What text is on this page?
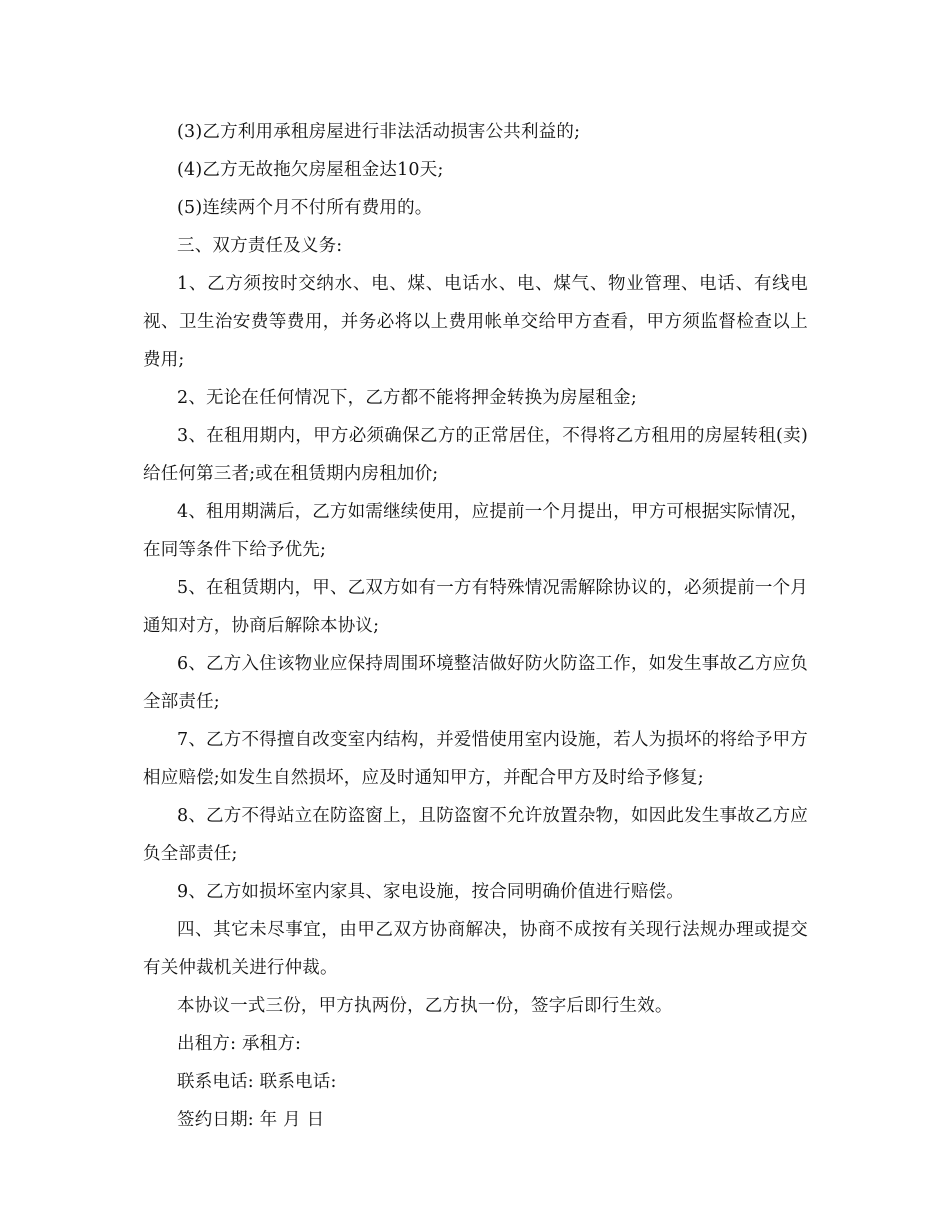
(3)乙方利用承租房屋进行非法活动损害公共利益的;

(4)乙方无故拖欠房屋租金达10天;

(5)连续两个月不付所有费用的。

三、双方责任及义务:

1、乙方须按时交纳水、电、煤、电话水、电、煤气、物业管理、电话、有线电视、卫生治安费等费用，并务必将以上费用帐单交给甲方查看，甲方须监督检查以上费用;

2、无论在任何情况下，乙方都不能将押金转换为房屋租金;

3、在租用期内，甲方必须确保乙方的正常居住，不得将乙方租用的房屋转租(卖)给任何第三者;或在租赁期内房租加价;

4、租用期满后，乙方如需继续使用，应提前一个月提出，甲方可根据实际情况，在同等条件下给予优先;

5、在租赁期内，甲、乙双方如有一方有特殊情况需解除协议的，必须提前一个月通知对方，协商后解除本协议;

6、乙方入住该物业应保持周围环境整洁做好防火防盗工作，如发生事故乙方应负全部责任;

7、乙方不得擅自改变室内结构，并爱惜使用室内设施，若人为损坏的将给予甲方相应赔偿;如发生自然损坏，应及时通知甲方，并配合甲方及时给予修复;

8、乙方不得站立在防盗窗上，且防盗窗不允许放置杂物，如因此发生事故乙方应负全部责任;

9、乙方如损坏室内家具、家电设施，按合同明确价值进行赔偿。

四、其它未尽事宜，由甲乙双方协商解决，协商不成按有关现行法规办理或提交有关仲裁机关进行仲裁。

本协议一式三份，甲方执两份，乙方执一份，签字后即行生效。

出租方: 承租方:

联系电话: 联系电话:

签约日期: 年 月 日
